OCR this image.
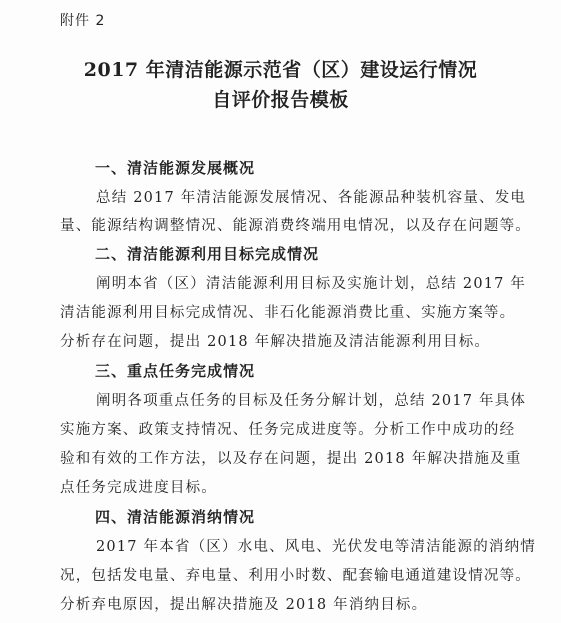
附件 2
2017 年清洁能源示范省（区）建设运行情况
自评价报告模板
一、清洁能源发展概况
总结 2017 年清洁能源发展情况、各能源品种装机容量、发电
量、能源结构调整情况、能源消费终端用电情况，以及存在问题等。
二、清洁能源利用目标完成情况
阐明本省（区）清洁能源利用目标及实施计划，总结 2017 年
清洁能源利用目标完成情况、非石化能源消费比重、实施方案等。
分析存在问题，提出 2018 年解决措施及清洁能源利用目标。
三、重点任务完成情况
阐明各项重点任务的目标及任务分解计划，总结 2017 年具体
实施方案、政策支持情况、任务完成进度等。分析工作中成功的经
验和有效的工作方法，以及存在问题，提出 2018 年解决措施及重
点任务完成进度目标。
四、清洁能源消纳情况
2017 年本省（区）水电、风电、光伏发电等清洁能源的消纳情
况，包括发电量、弃电量、利用小时数、配套输电通道建设情况等。
分析弃电原因，提出解决措施及 2018 年消纳目标。
